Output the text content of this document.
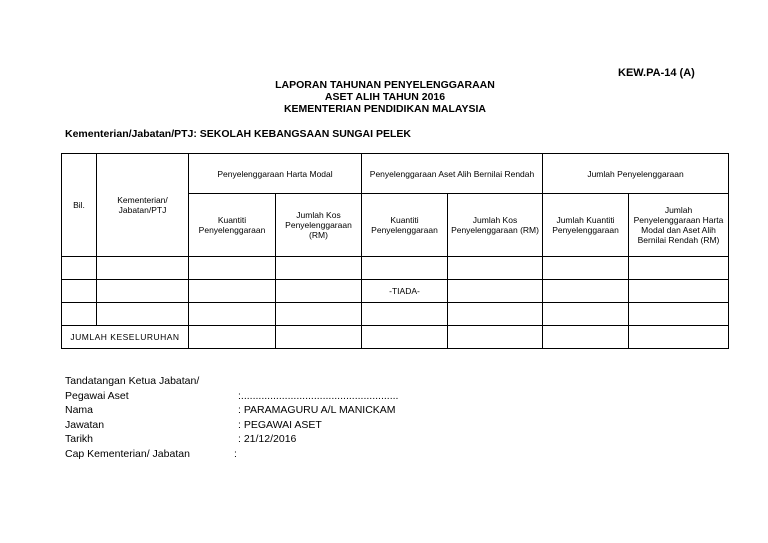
KEW.PA-14 (A)
LAPORAN TAHUNAN PENYELENGGARAAN
ASET ALIH TAHUN 2016
KEMENTERIAN PENDIDIKAN MALAYSIA
Kementerian/Jabatan/PTJ: SEKOLAH KEBANGSAAN SUNGAI PELEK
Bil.	Kementerian/ Jabatan/PTJ	Penyelenggaraan Harta Modal		Penyelenggaraan Aset Alih Bernilai Rendah		Jumlah Penyelenggaraan	
		Kuantiti Penyelenggaraan	Jumlah Kos Penyelenggaraan (RM)	Kuantiti Penyelenggaraan	Jumlah Kos Penyelenggaraan (RM)	Jumlah Kuantiti Penyelenggaraan	Jumlah Penyelenggaraan Harta Modal dan Aset Alih Bernilai Rendah (RM)

				-TIADA-			

JUMLAH KESELURUHAN							
Tandatangan Ketua Jabatan/
Pegawai Aset	:......................................................
Nama	: PARAMAGURU A/L MANICKAM
Jawatan	: PEGAWAI ASET
Tarikh	: 21/12/2016
Cap Kementerian/ Jabatan	:
